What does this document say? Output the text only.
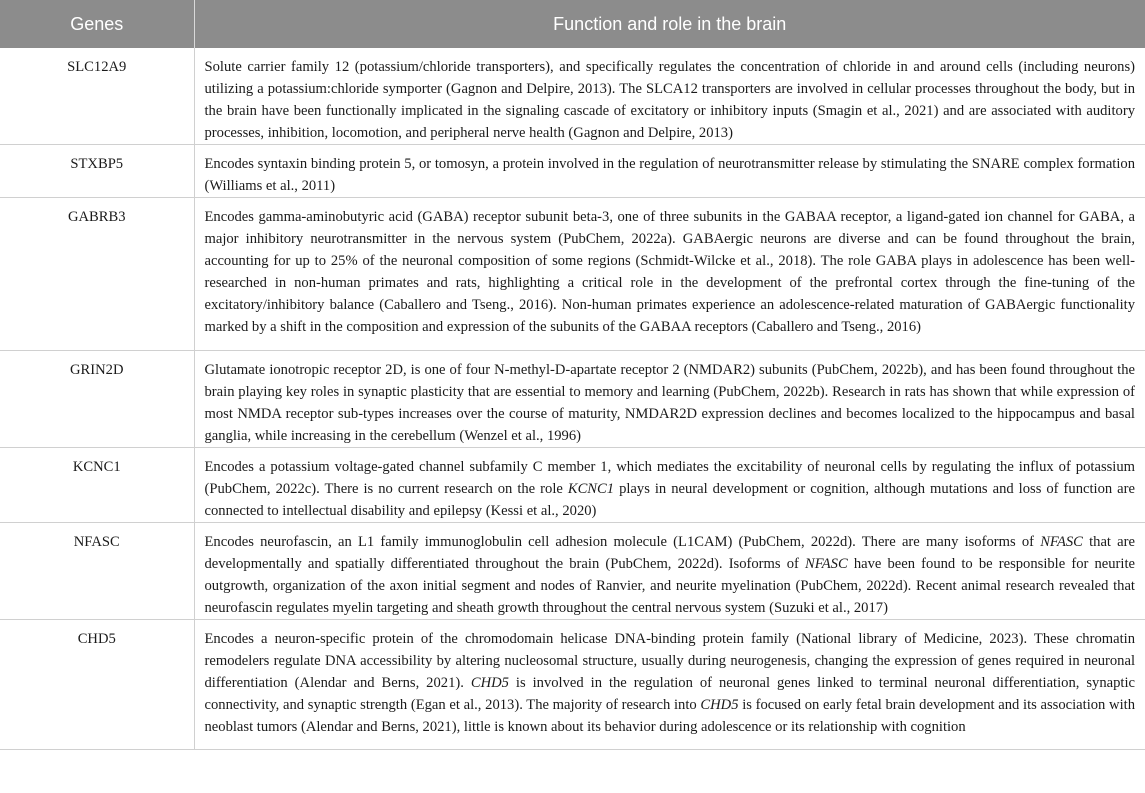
Genes	Function and role in the brain
SLC12A9	Solute carrier family 12 (potassium/chloride transporters), and specifically regulates the concentration of chloride in and around cells (including neurons) utilizing a potassium:chloride symporter (Gagnon and Delpire, 2013). The SLCA12 transporters are involved in cellular processes throughout the body, but in the brain have been functionally implicated in the signaling cascade of excitatory or inhibitory inputs (Smagin et al., 2021) and are associated with auditory processes, inhibition, locomotion, and peripheral nerve health (Gagnon and Delpire, 2013)
STXBP5	Encodes syntaxin binding protein 5, or tomosyn, a protein involved in the regulation of neurotransmitter release by stimulating the SNARE complex formation (Williams et al., 2011)
GABRB3	Encodes gamma-aminobutyric acid (GABA) receptor subunit beta-3, one of three subunits in the GABAA receptor, a ligand-gated ion channel for GABA, a major inhibitory neurotransmitter in the nervous system (PubChem, 2022a). GABAergic neurons are diverse and can be found throughout the brain, accounting for up to 25% of the neuronal composition of some regions (Schmidt-Wilcke et al., 2018). The role GABA plays in adolescence has been well-researched in non-human primates and rats, highlighting a critical role in the development of the prefrontal cortex through the fine-tuning of the excitatory/inhibitory balance (Caballero and Tseng., 2016). Non-human primates experience an adolescence-related maturation of GABAergic functionality marked by a shift in the composition and expression of the subunits of the GABAA receptors (Caballero and Tseng., 2016)
GRIN2D	Glutamate ionotropic receptor 2D, is one of four N-methyl-D-apartate receptor 2 (NMDAR2) subunits (PubChem, 2022b), and has been found throughout the brain playing key roles in synaptic plasticity that are essential to memory and learning (PubChem, 2022b). Research in rats has shown that while expression of most NMDA receptor sub-types increases over the course of maturity, NMDAR2D expression declines and becomes localized to the hippocampus and basal ganglia, while increasing in the cerebellum (Wenzel et al., 1996)
KCNC1	Encodes a potassium voltage-gated channel subfamily C member 1, which mediates the excitability of neuronal cells by regulating the influx of potassium (PubChem, 2022c). There is no current research on the role KCNC1 plays in neural development or cognition, although mutations and loss of function are connected to intellectual disability and epilepsy (Kessi et al., 2020)
NFASC	Encodes neurofascin, an L1 family immunoglobulin cell adhesion molecule (L1CAM) (PubChem, 2022d). There are many isoforms of NFASC that are developmentally and spatially differentiated throughout the brain (PubChem, 2022d). Isoforms of NFASC have been found to be responsible for neurite outgrowth, organization of the axon initial segment and nodes of Ranvier, and neurite myelination (PubChem, 2022d). Recent animal research revealed that neurofascin regulates myelin targeting and sheath growth throughout the central nervous system (Suzuki et al., 2017)
CHD5	Encodes a neuron-specific protein of the chromodomain helicase DNA-binding protein family (National library of Medicine, 2023). These chromatin remodelers regulate DNA accessibility by altering nucleosomal structure, usually during neurogenesis, changing the expression of genes required in neuronal differentiation (Alendar and Berns, 2021). CHD5 is involved in the regulation of neuronal genes linked to terminal neuronal differentiation, synaptic connectivity, and synaptic strength (Egan et al., 2013). The majority of research into CHD5 is focused on early fetal brain development and its association with neoblast tumors (Alendar and Berns, 2021), little is known about its behavior during adolescence or its relationship with cognition
